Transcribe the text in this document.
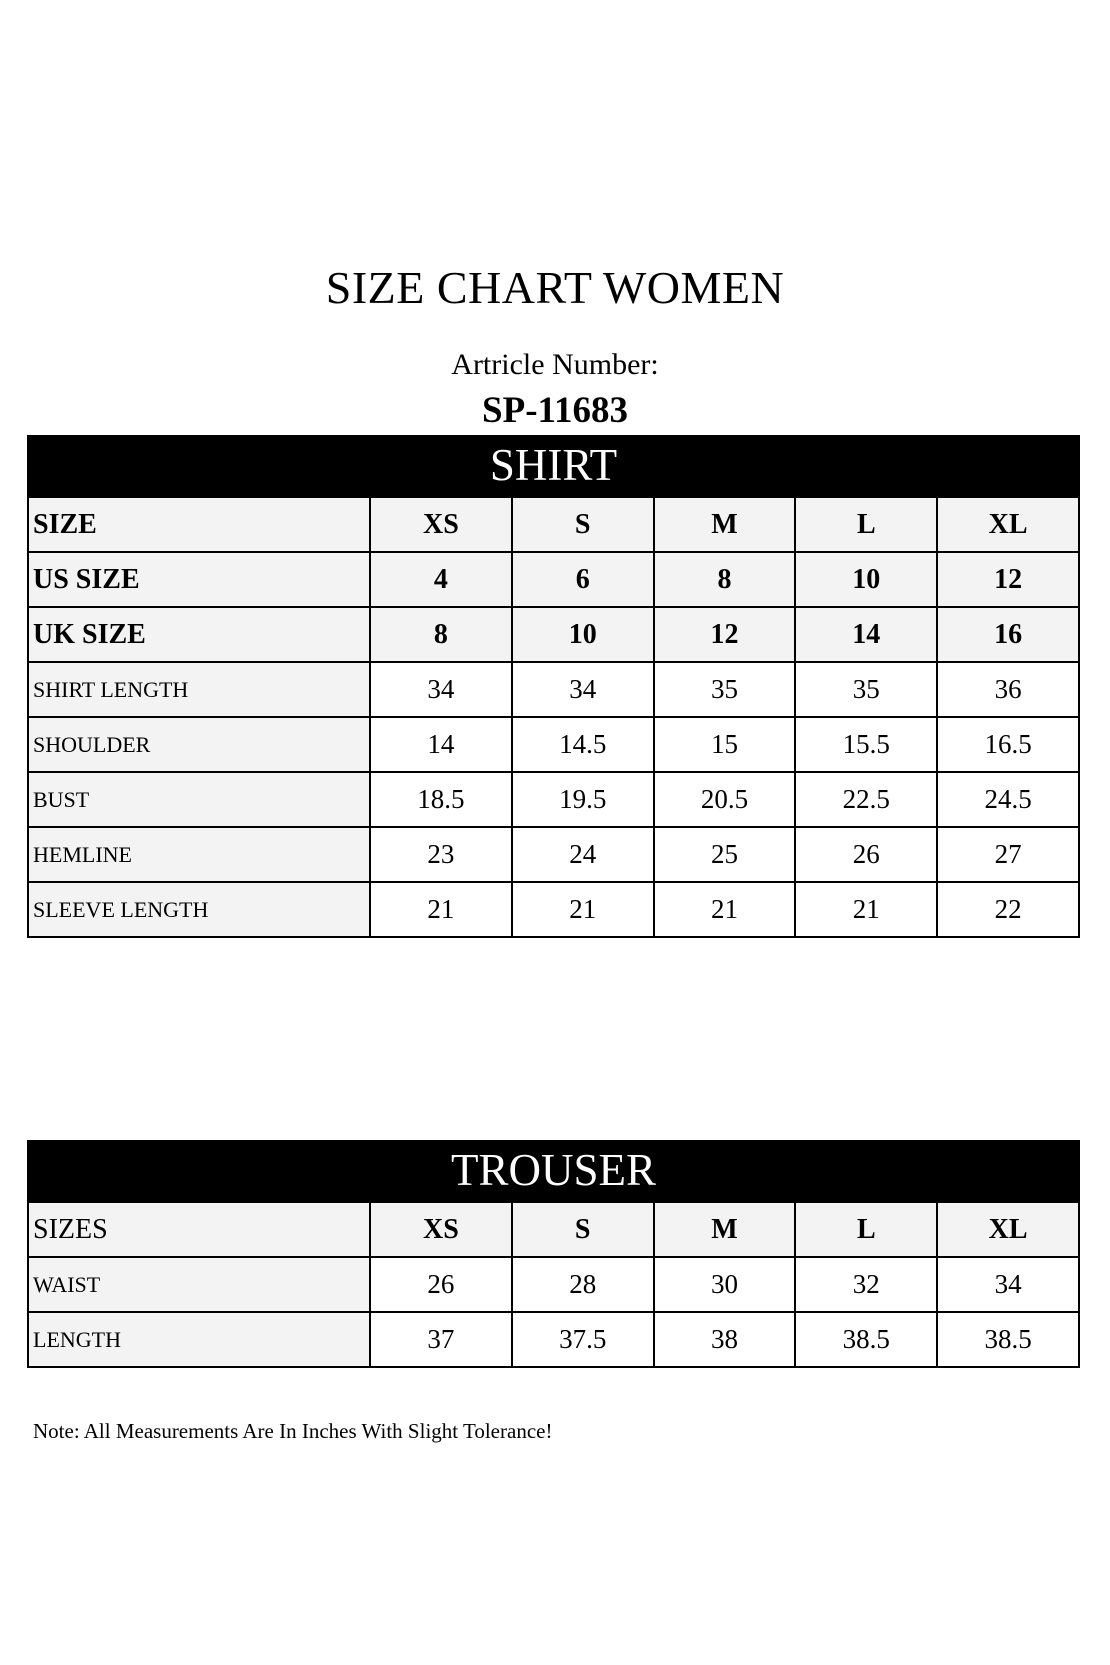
SIZE CHART WOMEN
Artricle Number:
SP-11683
SHIRT
SIZE	XS	S	M	L	XL
US SIZE	4	6	8	10	12
UK SIZE	8	10	12	14	16
SHIRT LENGTH	34	34	35	35	36
SHOULDER	14	14.5	15	15.5	16.5
BUST	18.5	19.5	20.5	22.5	24.5
HEMLINE	23	24	25	26	27
SLEEVE LENGTH	21	21	21	21	22
TROUSER
SIZES	XS	S	M	L	XL
WAIST	26	28	30	32	34
LENGTH	37	37.5	38	38.5	38.5
Note: All Measurements Are In Inches With Slight Tolerance!
